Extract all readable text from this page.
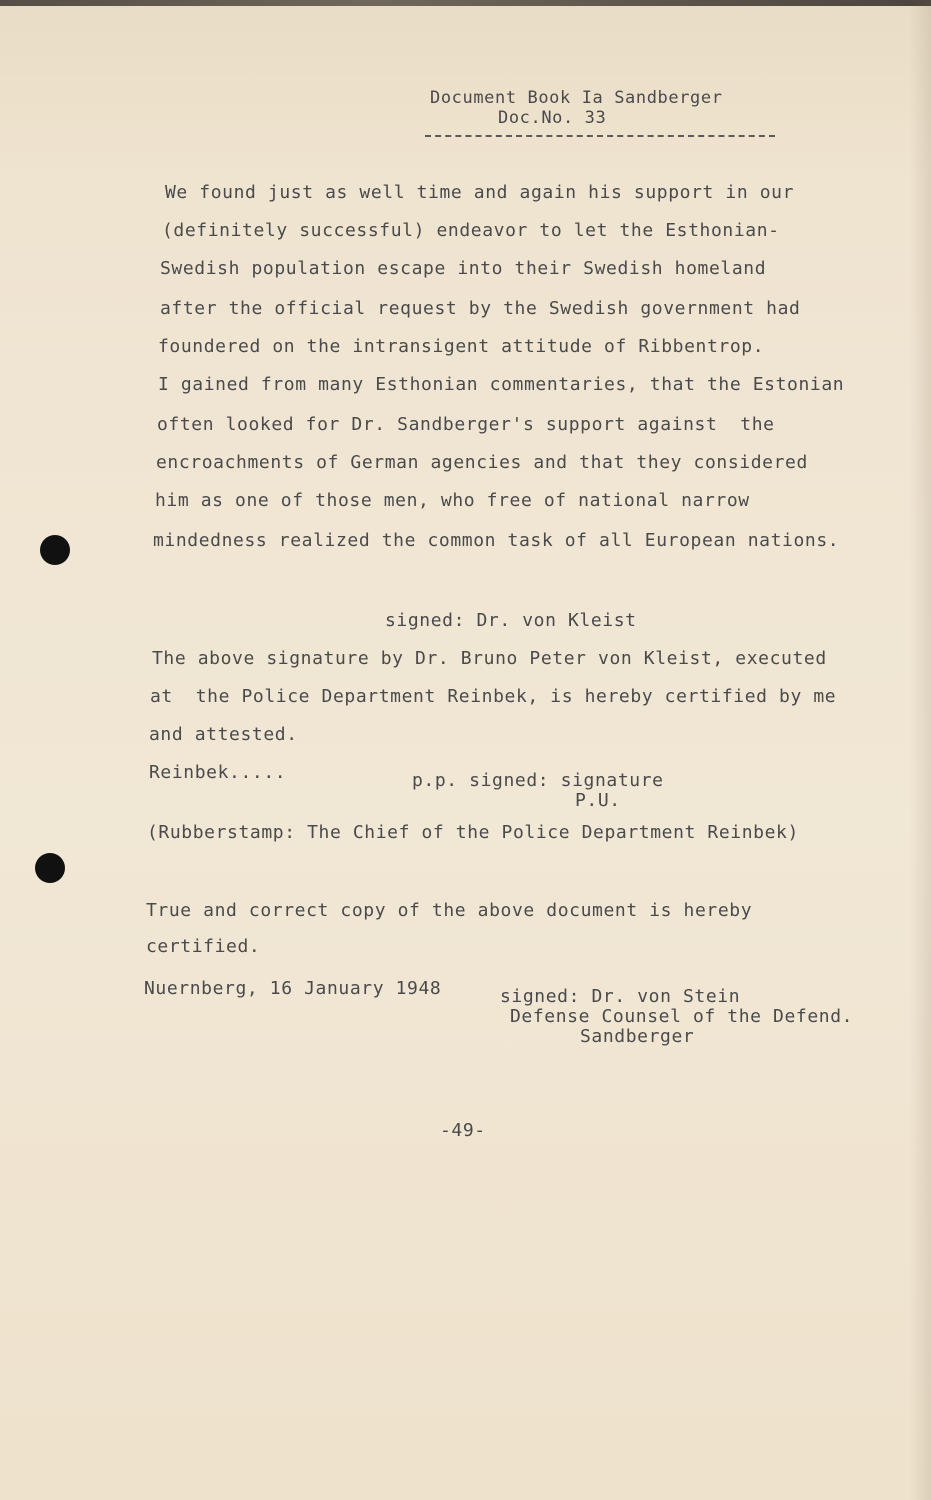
Document Book Ia Sandberger
Doc.No. 33
We found just as well time and again his support in our
(definitely successful) endeavor to let the Esthonian-
Swedish population escape into their Swedish homeland
after the official request by the Swedish government had
foundered on the intransigent attitude of Ribbentrop.
I gained from many Esthonian commentaries, that the Estonian
often looked for Dr. Sandberger's support against  the
encroachments of German agencies and that they considered
him as one of those men, who free of national narrow
mindedness realized the common task of all European nations.
signed: Dr. von Kleist
The above signature by Dr. Bruno Peter von Kleist, executed
at  the Police Department Reinbek, is hereby certified by me
and attested.
Reinbek.....	p.p. signed: signature
P.U.
(Rubberstamp: The Chief of the Police Department Reinbek)
True and correct copy of the above document is hereby
certified.
Nuernberg, 16 January 1948	signed: Dr. von Stein
Defense Counsel of the Defend.
Sandberger
-49-
